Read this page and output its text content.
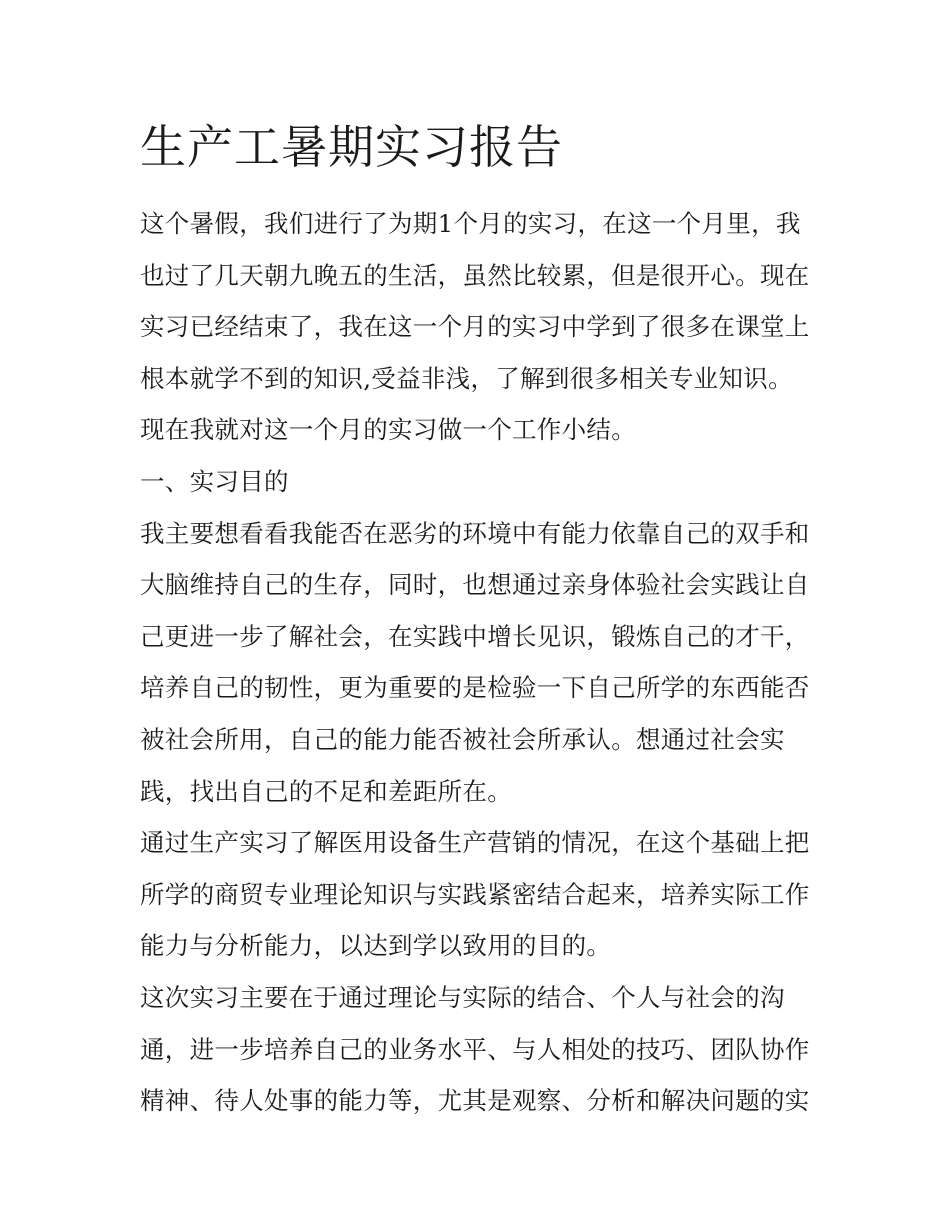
生产工暑期实习报告
这个暑假，我们进行了为期1个月的实习，在这一个月里，我
也过了几天朝九晚五的生活，虽然比较累，但是很开心。现在
实习已经结束了，我在这一个月的实习中学到了很多在课堂上
根本就学不到的知识,受益非浅，了解到很多相关专业知识。
现在我就对这一个月的实习做一个工作小结。
一、实习目的
我主要想看看我能否在恶劣的环境中有能力依靠自己的双手和
大脑维持自己的生存，同时，也想通过亲身体验社会实践让自
己更进一步了解社会，在实践中增长见识，锻炼自己的才干，
培养自己的韧性，更为重要的是检验一下自己所学的东西能否
被社会所用，自己的能力能否被社会所承认。想通过社会实
践，找出自己的不足和差距所在。
通过生产实习了解医用设备生产营销的情况，在这个基础上把
所学的商贸专业理论知识与实践紧密结合起来，培养实际工作
能力与分析能力，以达到学以致用的目的。
这次实习主要在于通过理论与实际的结合、个人与社会的沟
通，进一步培养自己的业务水平、与人相处的技巧、团队协作
精神、待人处事的能力等，尤其是观察、分析和解决问题的实
